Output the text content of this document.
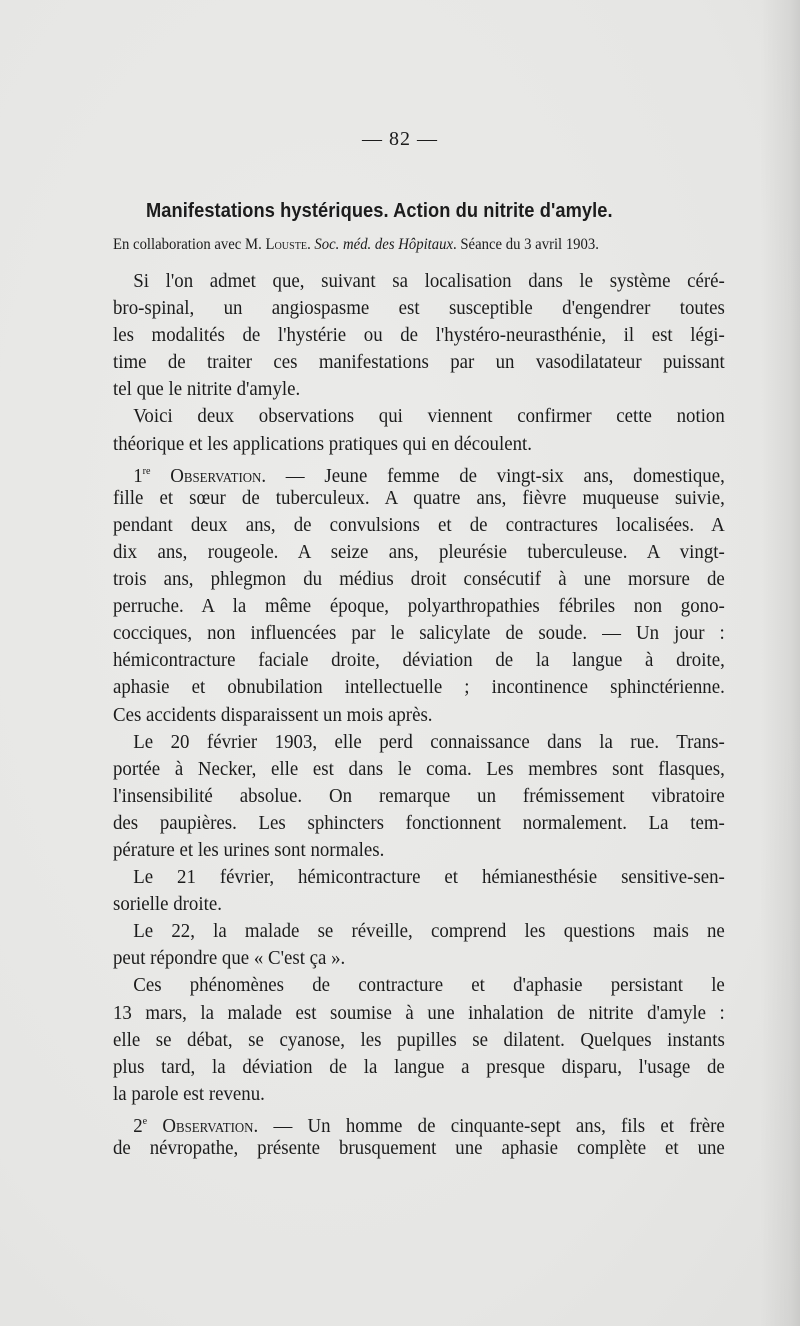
— 82 —
Manifestations hystériques. Action du nitrite d'amyle.
En collaboration avec M. Louste. Soc. méd. des Hôpitaux. Séance du 3 avril 1903.
Si l'on admet que, suivant sa localisation dans le système céré-
bro-spinal, un angiospasme est susceptible d'engendrer toutes
les modalités de l'hystérie ou de l'hystéro-neurasthénie, il est légi-
time de traiter ces manifestations par un vasodilatateur puissant
tel que le nitrite d'amyle.
Voici deux observations qui viennent confirmer cette notion
théorique et les applications pratiques qui en découlent.
1re Observation. — Jeune femme de vingt-six ans, domestique,
fille et sœur de tuberculeux. A quatre ans, fièvre muqueuse suivie,
pendant deux ans, de convulsions et de contractures localisées. A
dix ans, rougeole. A seize ans, pleurésie tuberculeuse. A vingt-
trois ans, phlegmon du médius droit consécutif à une morsure de
perruche. A la même époque, polyarthropathies fébriles non gono-
cocciques, non influencées par le salicylate de soude. — Un jour :
hémicontracture faciale droite, déviation de la langue à droite,
aphasie et obnubilation intellectuelle ; incontinence sphinctérienne.
Ces accidents disparaissent un mois après.
Le 20 février 1903, elle perd connaissance dans la rue. Trans-
portée à Necker, elle est dans le coma. Les membres sont flasques,
l'insensibilité absolue. On remarque un frémissement vibratoire
des paupières. Les sphincters fonctionnent normalement. La tem-
pérature et les urines sont normales.
Le 21 février, hémicontracture et hémianesthésie sensitive-sen-
sorielle droite.
Le 22, la malade se réveille, comprend les questions mais ne
peut répondre que « C'est ça ».
Ces phénomènes de contracture et d'aphasie persistant le
13 mars, la malade est soumise à une inhalation de nitrite d'amyle :
elle se débat, se cyanose, les pupilles se dilatent. Quelques instants
plus tard, la déviation de la langue a presque disparu, l'usage de
la parole est revenu.
2e Observation. — Un homme de cinquante-sept ans, fils et frère
de névropathe, présente brusquement une aphasie complète et une
